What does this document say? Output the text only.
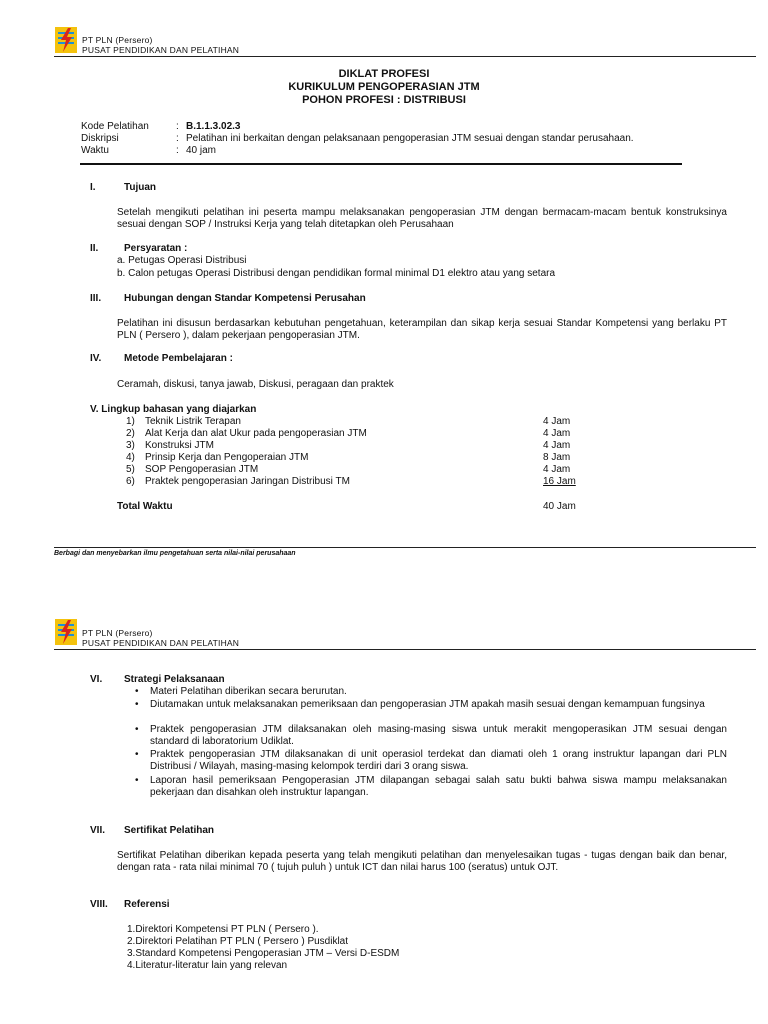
PT PLN (Persero)
PUSAT PENDIDIKAN DAN PELATIHAN
DIKLAT PROFESI
KURIKULUM PENGOPERASIAN JTM
POHON PROFESI : DISTRIBUSI
Kode Pelatihan	: B.1.1.3.02.3
Diskripsi	: Pelatihan ini berkaitan dengan pelaksanaan pengoperasian JTM sesuai dengan standar perusahaan.
Waktu	: 40 jam
I.	Tujuan
Setelah mengikuti pelatihan ini peserta mampu melaksanakan pengoperasian JTM dengan bermacam-macam bentuk konstruksinya sesuai dengan SOP / Instruksi Kerja yang telah ditetapkan oleh Perusahaan
II.	Persyaratan :
a. Petugas Operasi Distribusi
b. Calon petugas Operasi Distribusi dengan pendidikan formal minimal D1 elektro atau yang setara
III. Hubungan dengan Standar Kompetensi Perusahan
Pelatihan ini disusun berdasarkan kebutuhan pengetahuan, keterampilan dan sikap kerja sesuai Standar Kompetensi yang berlaku PT PLN ( Persero ), dalam pekerjaan pengoperasian JTM.
IV. Metode Pembelajaran :
Ceramah, diskusi, tanya jawab, Diskusi, peragaan dan praktek
V. Lingkup bahasan yang diajarkan
1) Teknik Listrik Terapan	4 Jam
2) Alat Kerja dan alat Ukur pada pengoperasian JTM	4 Jam
3) Konstruksi JTM	4 Jam
4) Prinsip Kerja dan Pengoperaian JTM	8 Jam
5) SOP Pengoperasian JTM	4 Jam
6) Praktek pengoperasian Jaringan Distribusi TM	16 Jam
Total Waktu	40 Jam
Berbagi dan menyebarkan ilmu pengetahuan serta nilai-nilai perusahaan
PT PLN (Persero)
PUSAT PENDIDIKAN DAN PELATIHAN
VI. Strategi Pelaksanaan
• Materi Pelatihan diberikan secara berurutan.
• Diutamakan untuk melaksanakan pemeriksaan dan pengoperasian JTM apakah masih sesuai dengan kemampuan fungsinya
• Praktek pengoperasian JTM dilaksanakan oleh masing-masing siswa untuk merakit mengoperasikan JTM sesuai dengan standard di laboratorium Udiklat.
• Praktek pengoperasian JTM dilaksanakan di unit operasiol terdekat dan diamati oleh 1 orang instruktur lapangan dari PLN Distribusi / Wilayah, masing-masing kelompok terdiri dari 3 orang siswa.
• Laporan hasil pemeriksaan Pengoperasian JTM dilapangan sebagai salah satu bukti bahwa siswa mampu melaksanakan pekerjaan dan disahkan oleh instruktur lapangan.
VII. Sertifikat Pelatihan
Sertifikat Pelatihan diberikan kepada peserta yang telah mengikuti pelatihan dan menyelesaikan tugas - tugas dengan baik dan benar, dengan rata - rata nilai minimal 70 ( tujuh puluh ) untuk ICT dan nilai harus 100 (seratus) untuk OJT.
VIII. Referensi
1.Direktori Kompetensi PT PLN ( Persero ).
2.Direktori Pelatihan PT PLN ( Persero ) Pusdiklat
3.Standard Kompetensi Pengoperasian JTM – Versi D-ESDM
4.Literatur-literatur lain yang relevan
